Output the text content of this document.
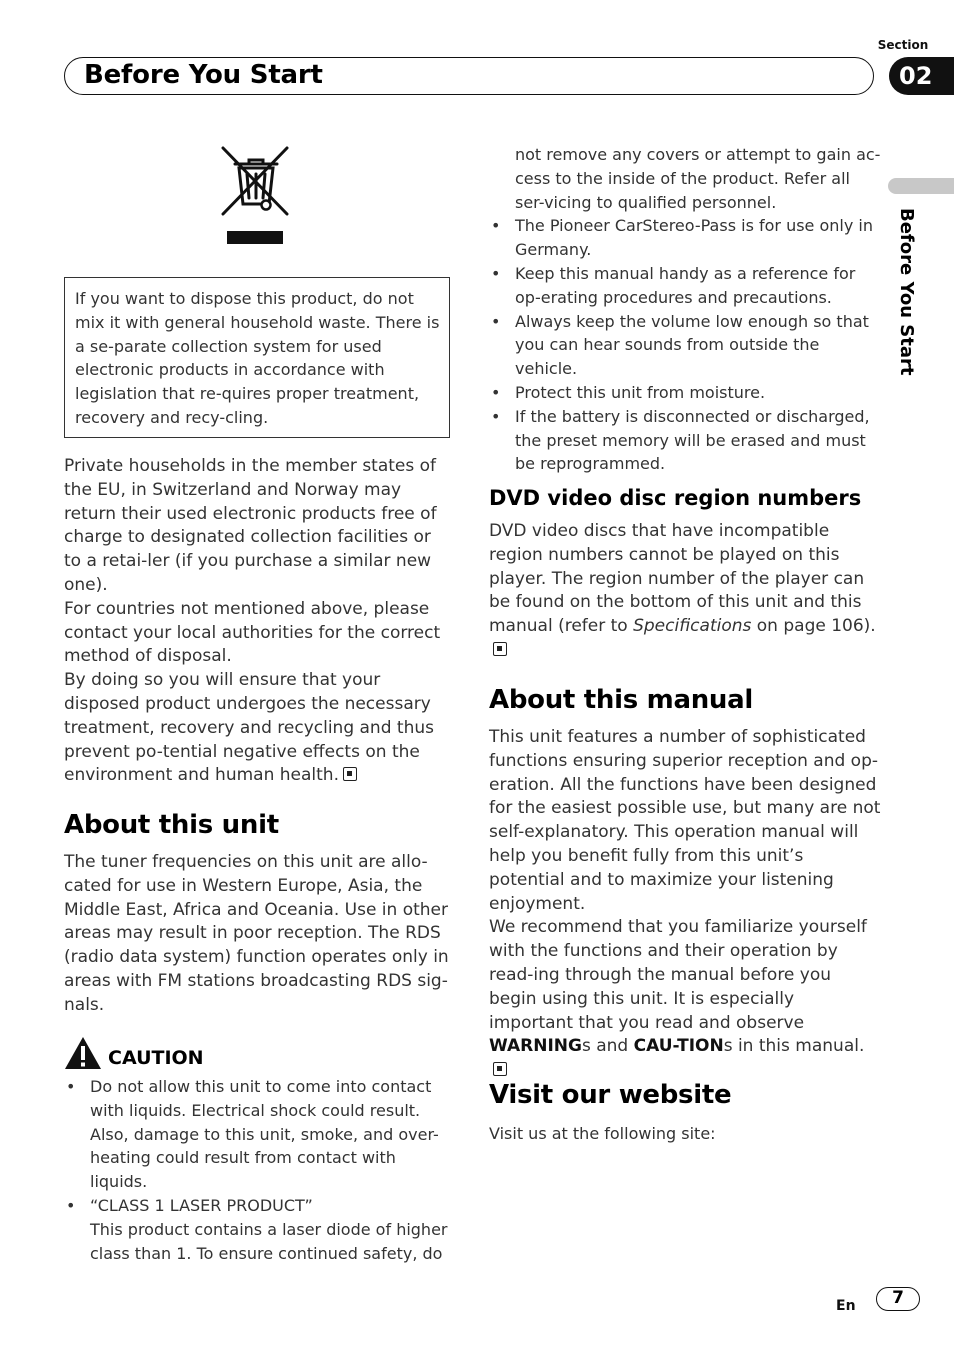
Section
Before You Start	02
Before You Start

If you want to dispose this product, do not mix it with general household waste. There is a se-parate collection system for used electronic products in accordance with legislation that re-quires proper treatment, recovery and recy-cling.

Private households in the member states of the EU, in Switzerland and Norway may return their used electronic products free of charge to designated collection facilities or to a retai-ler (if you purchase a similar new one).

For countries not mentioned above, please contact your local authorities for the correct method of disposal.

By doing so you will ensure that your disposed product undergoes the necessary treatment, recovery and recycling and thus prevent po-tential negative effects on the environment and human health.

About this unit
The tuner frequencies on this unit are allo-cated for use in Western Europe, Asia, the Middle East, Africa and Oceania. Use in other areas may result in poor reception. The RDS (radio data system) function operates only in areas with FM stations broadcasting RDS sig-nals.
CAUTION
• Do not allow this unit to come into contact with liquids. Electrical shock could result. Also, damage to this unit, smoke, and over-heating could result from contact with liquids.
• “CLASS 1 LASER PRODUCT”
This product contains a laser diode of higher class than 1. To ensure continued safety, do
not remove any covers or attempt to gain ac-cess to the inside of the product. Refer all ser-vicing to qualified personnel.
• The Pioneer CarStereo-Pass is for use only in Germany.
• Keep this manual handy as a reference for op-erating procedures and precautions.
• Always keep the volume low enough so that you can hear sounds from outside the vehicle.
• Protect this unit from moisture.
• If the battery is disconnected or discharged, the preset memory will be erased and must be reprogrammed.
DVD video disc region numbers
DVD video discs that have incompatible region numbers cannot be played on this player. The region number of the player can be found on the bottom of this unit and this manual (refer to Specifications on page 106).
About this manual

This unit features a number of sophisticated functions ensuring superior reception and op-eration. All the functions have been designed for the easiest possible use, but many are not self-explanatory. This operation manual will help you benefit fully from this unit’s potential and to maximize your listening enjoyment.

We recommend that you familiarize yourself with the functions and their operation by read-ing through the manual before you begin using this unit. It is especially important that you read and observe WARNINGs and CAU-TIONs in this manual.

Visit our website
Visit us at the following site:
En	7
